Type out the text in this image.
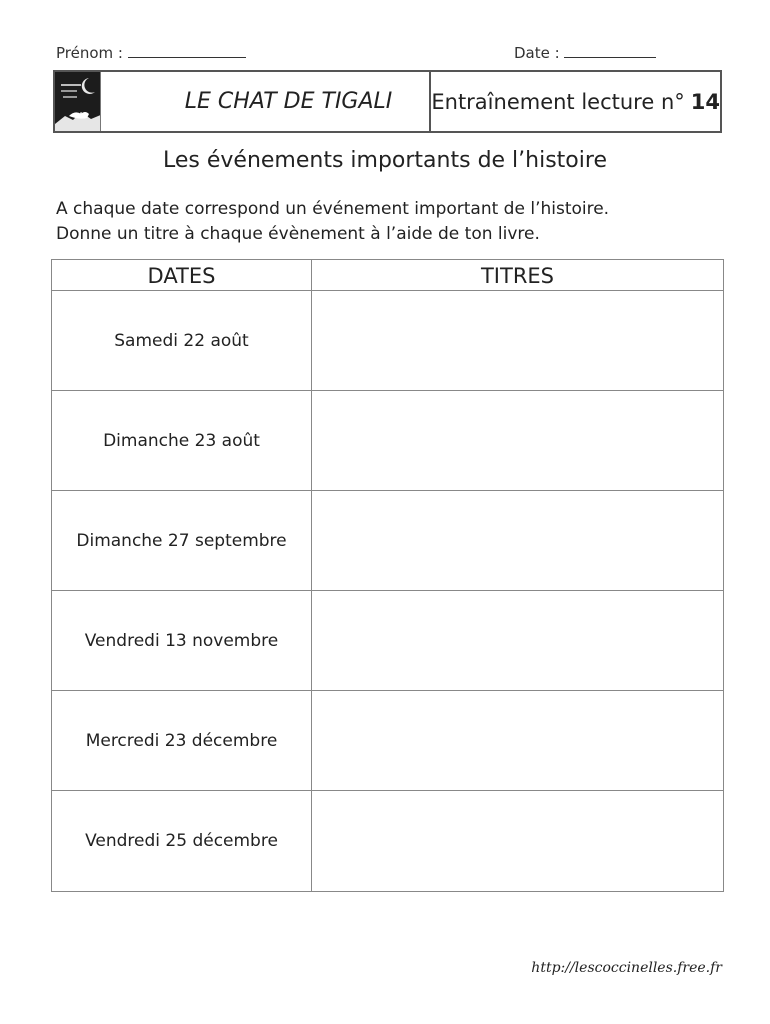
Prénom :	Date :
LE CHAT DE TIGALI	Entraînement lecture n° 14
Les événements importants de l’histoire
A chaque date correspond un événement important de l’histoire.
Donne un titre à chaque évènement à l’aide de ton livre.
DATES	TITRES
Samedi 22 août
Dimanche 23 août
Dimanche 27 septembre
Vendredi 13 novembre
Mercredi 23 décembre
Vendredi 25 décembre
http://lescoccinelles.free.fr
